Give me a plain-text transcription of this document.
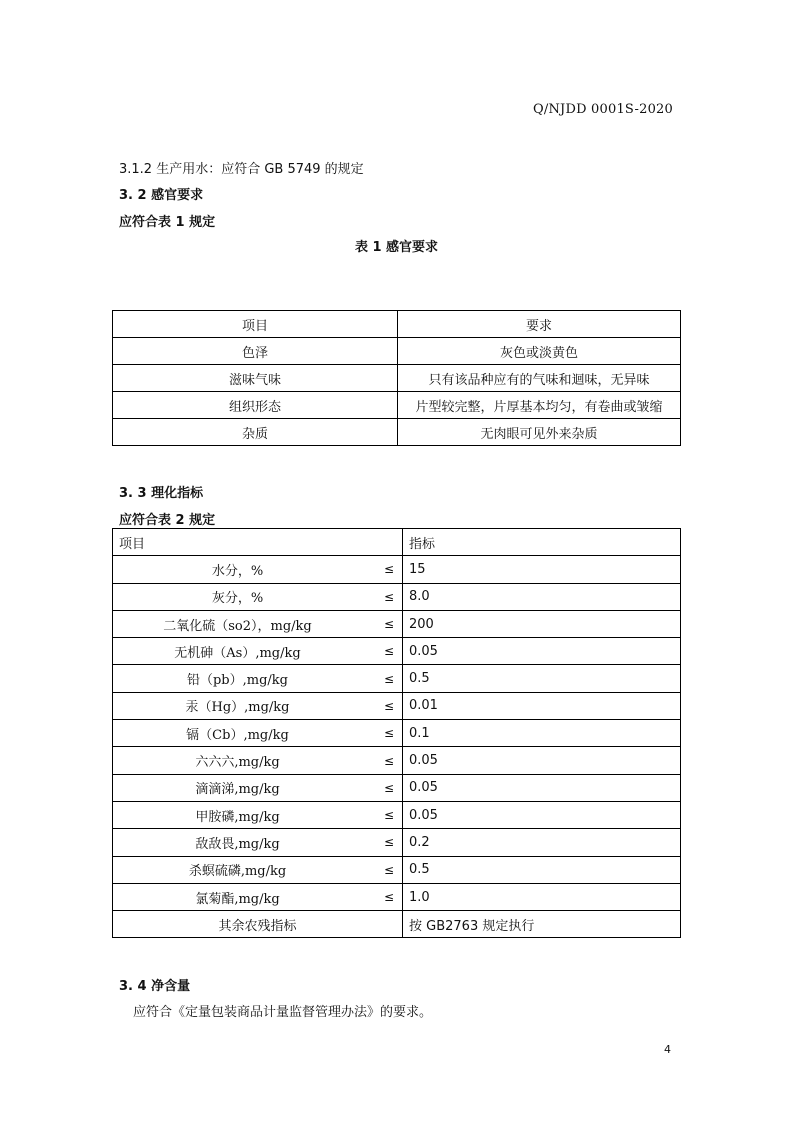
Q/NJDD 0001S-2020
3.1.2 生产用水：应符合 GB 5749 的规定
3. 2 感官要求
应符合表 1 规定
表 1 感官要求
项目	要求
色泽	灰色或淡黄色
滋味气味	只有该品种应有的气味和迴味，无异味
组织形态	片型较完整，片厚基本均匀，有卷曲或皱缩
杂质	无肉眼可见外来杂质
3. 3 理化指标
应符合表 2 规定
项目	指标
水分，% ≤	15
灰分，% ≤	8.0
二氧化硫（so2），mg/kg ≤	200
无机砷（As）,mg/kg ≤	0.05
铅（pb）,mg/kg ≤	0.5
汞（Hg）,mg/kg ≤	0.01
镉（Cb）,mg/kg ≤	0.1
六六六,mg/kg ≤	0.05
滴滴涕,mg/kg ≤	0.05
甲胺磷,mg/kg ≤	0.05
敌敌畏,mg/kg ≤	0.2
杀螟硫磷,mg/kg ≤	0.5
氯菊酯,mg/kg ≤	1.0
其余农残指标	按 GB2763 规定执行
3. 4 净含量
应符合《定量包装商品计量监督管理办法》的要求。
4
